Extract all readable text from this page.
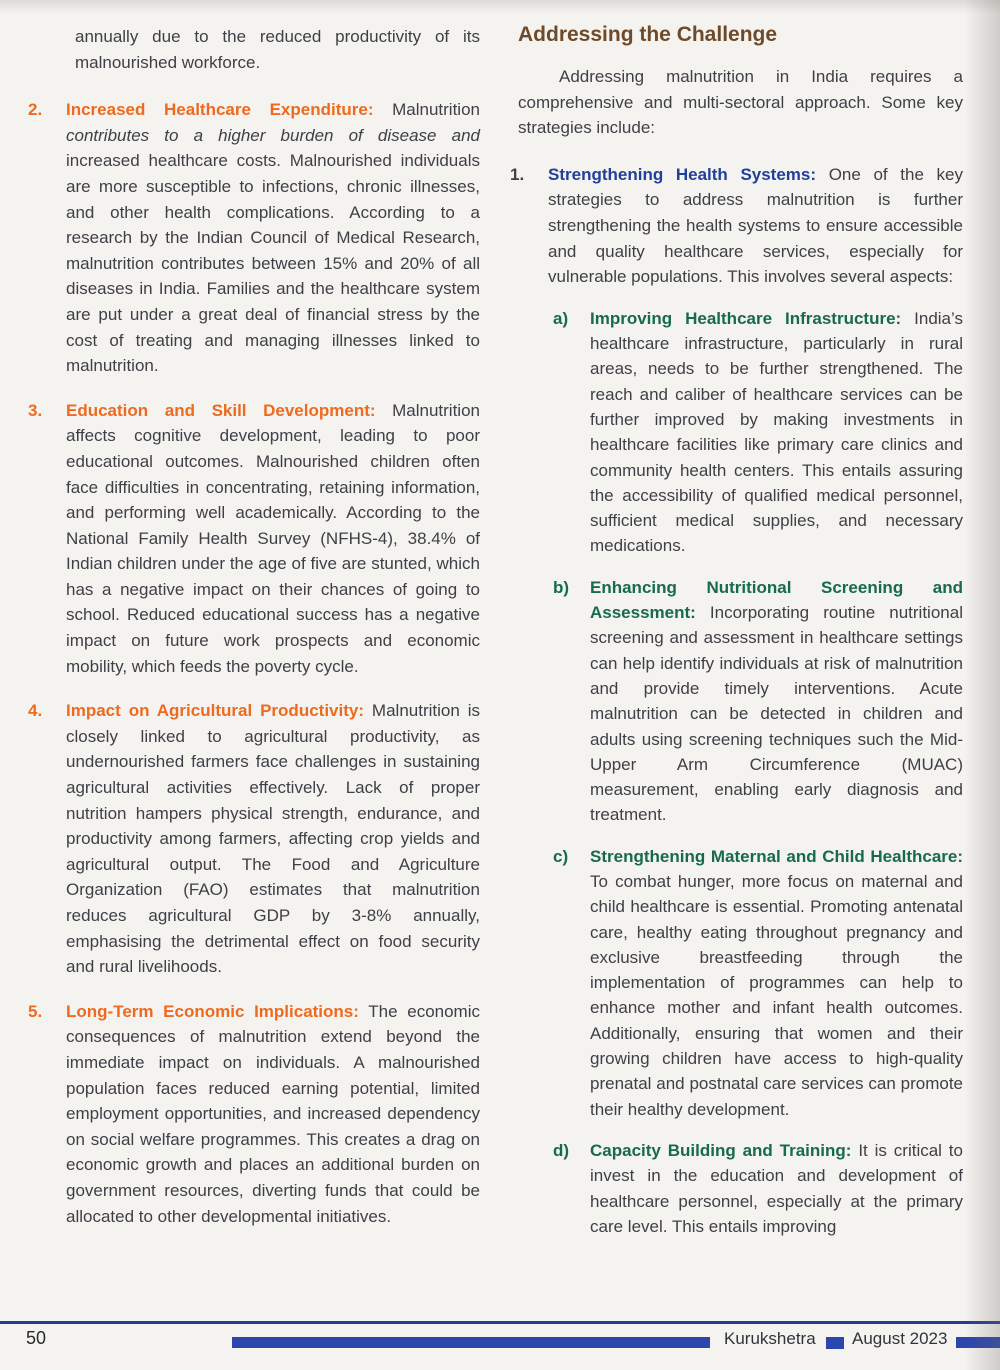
annually due to the reduced productivity of its malnourished workforce.

2. Increased Healthcare Expenditure: Malnutrition contributes to a higher burden of disease and increased healthcare costs. Malnourished individuals are more susceptible to infections, chronic illnesses, and other health complications. According to a research by the Indian Council of Medical Research, malnutrition contributes between 15% and 20% of all diseases in India. Families and the healthcare system are put under a great deal of financial stress by the cost of treating and managing illnesses linked to malnutrition.

3. Education and Skill Development: Malnutrition affects cognitive development, leading to poor educational outcomes. Malnourished children often face difficulties in concentrating, retaining information, and performing well academically. According to the National Family Health Survey (NFHS-4), 38.4% of Indian children under the age of five are stunted, which has a negative impact on their chances of going to school. Reduced educational success has a negative impact on future work prospects and economic mobility, which feeds the poverty cycle.

4. Impact on Agricultural Productivity: Malnutrition is closely linked to agricultural productivity, as undernourished farmers face challenges in sustaining agricultural activities effectively. Lack of proper nutrition hampers physical strength, endurance, and productivity among farmers, affecting crop yields and agricultural output. The Food and Agriculture Organization (FAO) estimates that malnutrition reduces agricultural GDP by 3-8% annually, emphasising the detrimental effect on food security and rural livelihoods.

5. Long-Term Economic Implications: The economic consequences of malnutrition extend beyond the immediate impact on individuals. A malnourished population faces reduced earning potential, limited employment opportunities, and increased dependency on social welfare programmes. This creates a drag on economic growth and places an additional burden on government resources, diverting funds that could be allocated to other developmental initiatives.

Addressing the Challenge

Addressing malnutrition in India requires a comprehensive and multi-sectoral approach. Some key strategies include:

1. Strengthening Health Systems: One of the key strategies to address malnutrition is further strengthening the health systems to ensure accessible and quality healthcare services, especially for vulnerable populations. This involves several aspects:

a) Improving Healthcare Infrastructure: India’s healthcare infrastructure, particularly in rural areas, needs to be further strengthened. The reach and caliber of healthcare services can be further improved by making investments in healthcare facilities like primary care clinics and community health centers. This entails assuring the accessibility of qualified medical personnel, sufficient medical supplies, and necessary medications.

b) Enhancing Nutritional Screening and Assessment: Incorporating routine nutritional screening and assessment in healthcare settings can help identify individuals at risk of malnutrition and provide timely interventions. Acute malnutrition can be detected in children and adults using screening techniques such the Mid-Upper Arm Circumference (MUAC) measurement, enabling early diagnosis and treatment.

c) Strengthening Maternal and Child Healthcare: To combat hunger, more focus on maternal and child healthcare is essential. Promoting antenatal care, healthy eating throughout pregnancy and exclusive breastfeeding through the implementation of programmes can help to enhance mother and infant health outcomes. Additionally, ensuring that women and their growing children have access to high-quality prenatal and postnatal care services can promote their healthy development.

d) Capacity Building and Training: It is critical to invest in the education and development of healthcare personnel, especially at the primary care level. This entails improving

50	Kurukshetra August 2023
